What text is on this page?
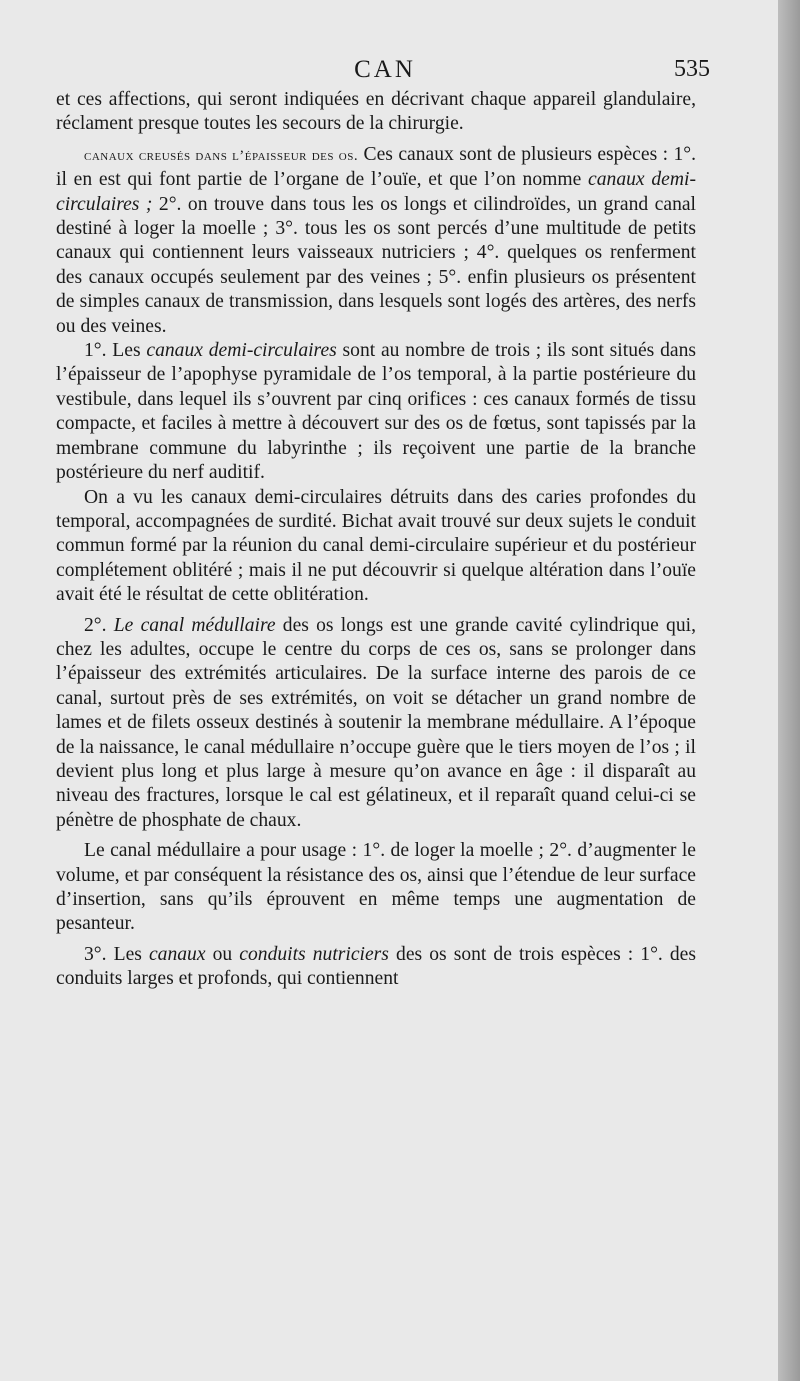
CAN	535

et ces affections, qui seront indiquées en décrivant chaque appareil glandulaire, réclament presque toutes les secours de la chirurgie.

canaux creusés dans l’épaisseur des os. Ces canaux sont de plusieurs espèces : 1°. il en est qui font partie de l’organe de l’ouïe, et que l’on nomme canaux demi-circulaires ; 2°. on trouve dans tous les os longs et cilindroïdes, un grand canal destiné à loger la moelle ; 3°. tous les os sont percés d’une multitude de petits canaux qui contiennent leurs vaisseaux nutriciers ; 4°. quelques os renferment des canaux occupés seulement par des veines ; 5°. enfin plusieurs os présentent de simples canaux de transmission, dans lesquels sont logés des artères, des nerfs ou des veines.

1°. Les canaux demi-circulaires sont au nombre de trois ; ils sont situés dans l’épaisseur de l’apophyse pyramidale de l’os temporal, à la partie postérieure du vestibule, dans lequel ils s’ouvrent par cinq orifices : ces canaux formés de tissu compacte, et faciles à mettre à découvert sur des os de fœtus, sont tapissés par la membrane commune du labyrinthe ; ils reçoivent une partie de la branche postérieure du nerf auditif.

On a vu les canaux demi-circulaires détruits dans des caries profondes du temporal, accompagnées de surdité. Bichat avait trouvé sur deux sujets le conduit commun formé par la réunion du canal demi-circulaire supérieur et du postérieur complétement oblitéré ; mais il ne put découvrir si quelque altération dans l’ouïe avait été le résultat de cette oblitération.

2°. Le canal médullaire des os longs est une grande cavité cylindrique qui, chez les adultes, occupe le centre du corps de ces os, sans se prolonger dans l’épaisseur des extrémités articulaires. De la surface interne des parois de ce canal, surtout près de ses extrémités, on voit se détacher un grand nombre de lames et de filets osseux destinés à soutenir la membrane médullaire. A l’époque de la naissance, le canal médullaire n’occupe guère que le tiers moyen de l’os ; il devient plus long et plus large à mesure qu’on avance en âge : il disparaît au niveau des fractures, lorsque le cal est gélatineux, et il reparaît quand celui-ci se pénètre de phosphate de chaux.

Le canal médullaire a pour usage : 1°. de loger la moelle ; 2°. d’augmenter le volume, et par conséquent la résistance des os, ainsi que l’étendue de leur surface d’insertion, sans qu’ils éprouvent en même temps une augmentation de pesanteur.

3°. Les canaux ou conduits nutriciers des os sont de trois espèces : 1°. des conduits larges et profonds, qui contiennent
